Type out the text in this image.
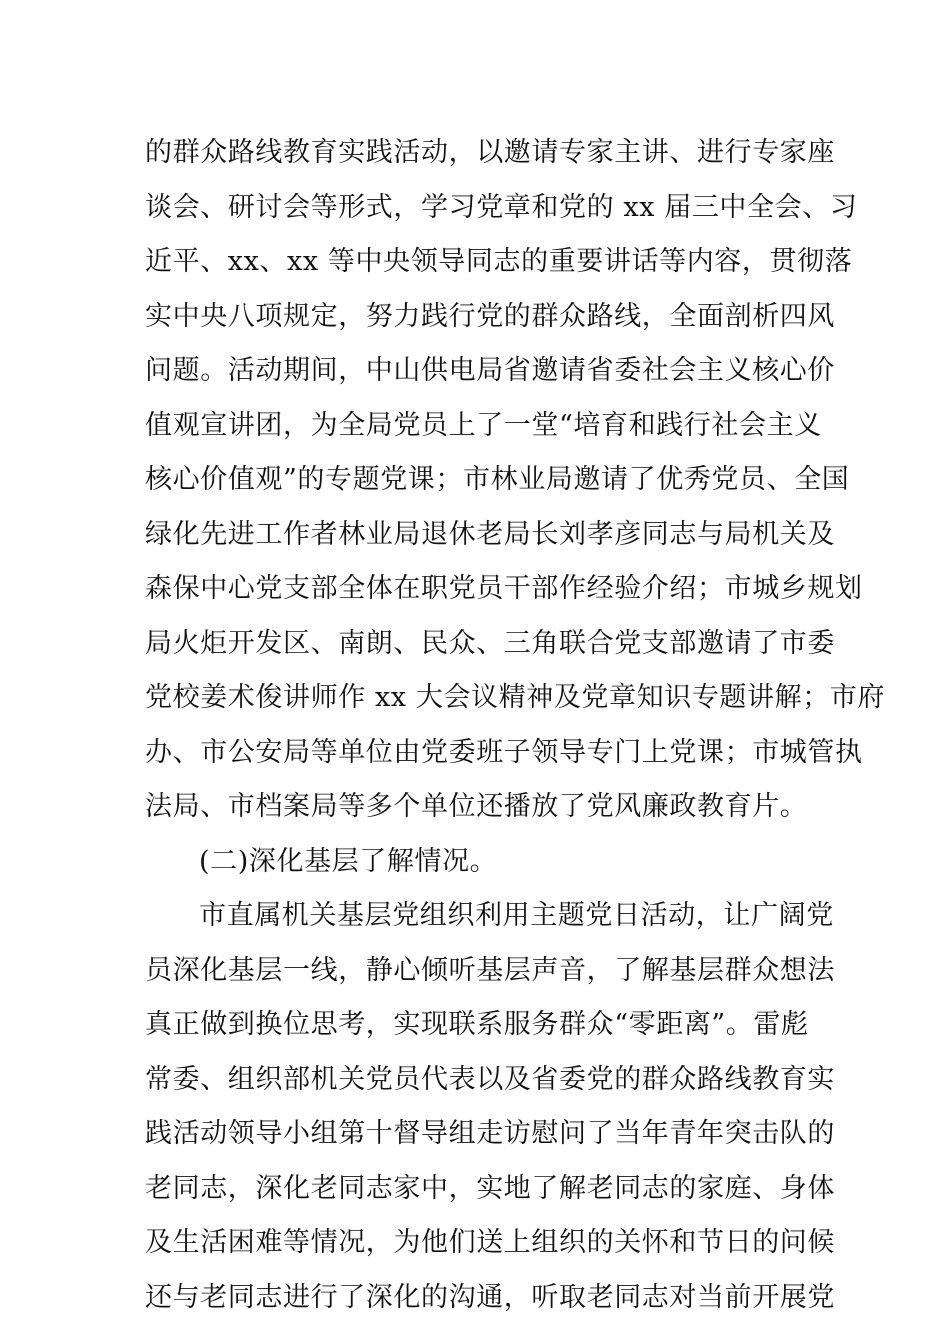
的群众路线教育实践活动，以邀请专家主讲、进行专家座
谈会、研讨会等形式，学习党章和党的 xx 届三中全会、习
近平、xx、xx 等中央领导同志的重要讲话等内容，贯彻落
实中央八项规定，努力践行党的群众路线，全面剖析四风
问题。活动期间，中山供电局省邀请省委社会主义核心价
值观宣讲团，为全局党员上了一堂“培育和践行社会主义
核心价值观”的专题党课；市林业局邀请了优秀党员、全国
绿化先进工作者林业局退休老局长刘孝彦同志与局机关及
森保中心党支部全体在职党员干部作经验介绍；市城乡规划
局火炬开发区、南朗、民众、三角联合党支部邀请了市委
党校姜术俊讲师作 xx 大会议精神及党章知识专题讲解；市府
办、市公安局等单位由党委班子领导专门上党课；市城管执
法局、市档案局等多个单位还播放了党风廉政教育片。
(二)深化基层了解情况。
市直属机关基层党组织利用主题党日活动，让广阔党
员深化基层一线，静心倾听基层声音，了解基层群众想法
真正做到换位思考，实现联系服务群众“零距离”。雷彪
常委、组织部机关党员代表以及省委党的群众路线教育实
践活动领导小组第十督导组走访慰问了当年青年突击队的
老同志，深化老同志家中，实地了解老同志的家庭、身体
及生活困难等情况，为他们送上组织的关怀和节日的问候
还与老同志进行了深化的沟通，听取老同志对当前开展党
